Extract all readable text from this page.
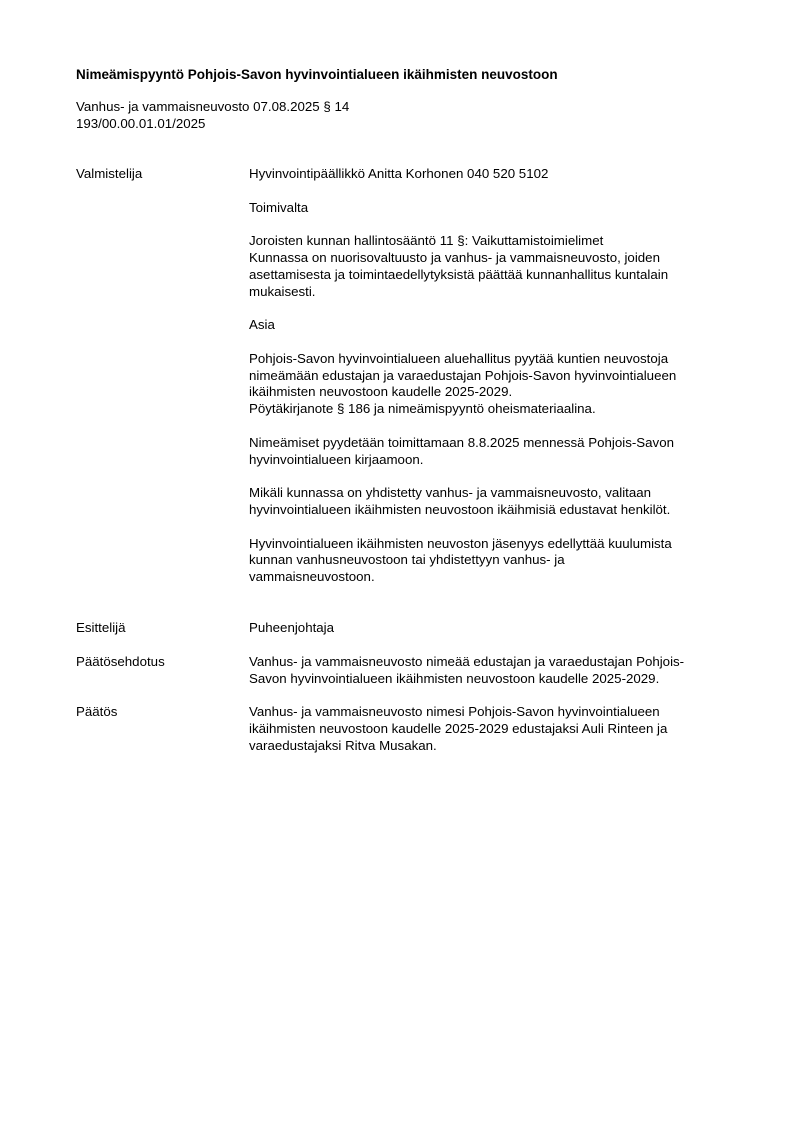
Nimeämispyyntö Pohjois-Savon hyvinvointialueen ikäihmisten neuvostoon
Vanhus- ja vammaisneuvosto 07.08.2025 § 14
193/00.00.01.01/2025
Valmistelija	Hyvinvointipäällikkö Anitta Korhonen 040 520 5102

Toimivalta

Joroisten kunnan hallintosääntö 11 §: Vaikuttamistoimielimet
Kunnassa on nuorisovaltuusto ja vanhus- ja vammaisneuvosto, joiden
asettamisesta ja toimintaedellytyksistä päättää kunnanhallitus kuntalain
mukaisesti.

Asia

Pohjois-Savon hyvinvointialueen aluehallitus pyytää kuntien neuvostoja
nimeämään edustajan ja varaedustajan Pohjois-Savon hyvinvointialueen
ikäihmisten neuvostoon kaudelle 2025-2029.
Pöytäkirjanote § 186 ja nimeämispyyntö oheismateriaalina.

Nimeämiset pyydetään toimittamaan 8.8.2025 mennessä Pohjois-Savon
hyvinvointialueen kirjaamoon.

Mikäli kunnassa on yhdistetty vanhus- ja vammaisneuvosto, valitaan
hyvinvointialueen ikäihmisten neuvostoon ikäihmisiä edustavat henkilöt.

Hyvinvointialueen ikäihmisten neuvoston jäsenyys edellyttää kuulumista
kunnan vanhusneuvostoon tai yhdistettyyn vanhus- ja
vammaisneuvostoon.

Esittelijä	Puheenjohtaja

Päätösehdotus	Vanhus- ja vammaisneuvosto nimeää edustajan ja varaedustajan Pohjois-
Savon hyvinvointialueen ikäihmisten neuvostoon kaudelle 2025-2029.

Päätös	Vanhus- ja vammaisneuvosto nimesi Pohjois-Savon hyvinvointialueen
ikäihmisten neuvostoon kaudelle 2025-2029 edustajaksi Auli Rinteen ja
varaedustajaksi Ritva Musakan.
